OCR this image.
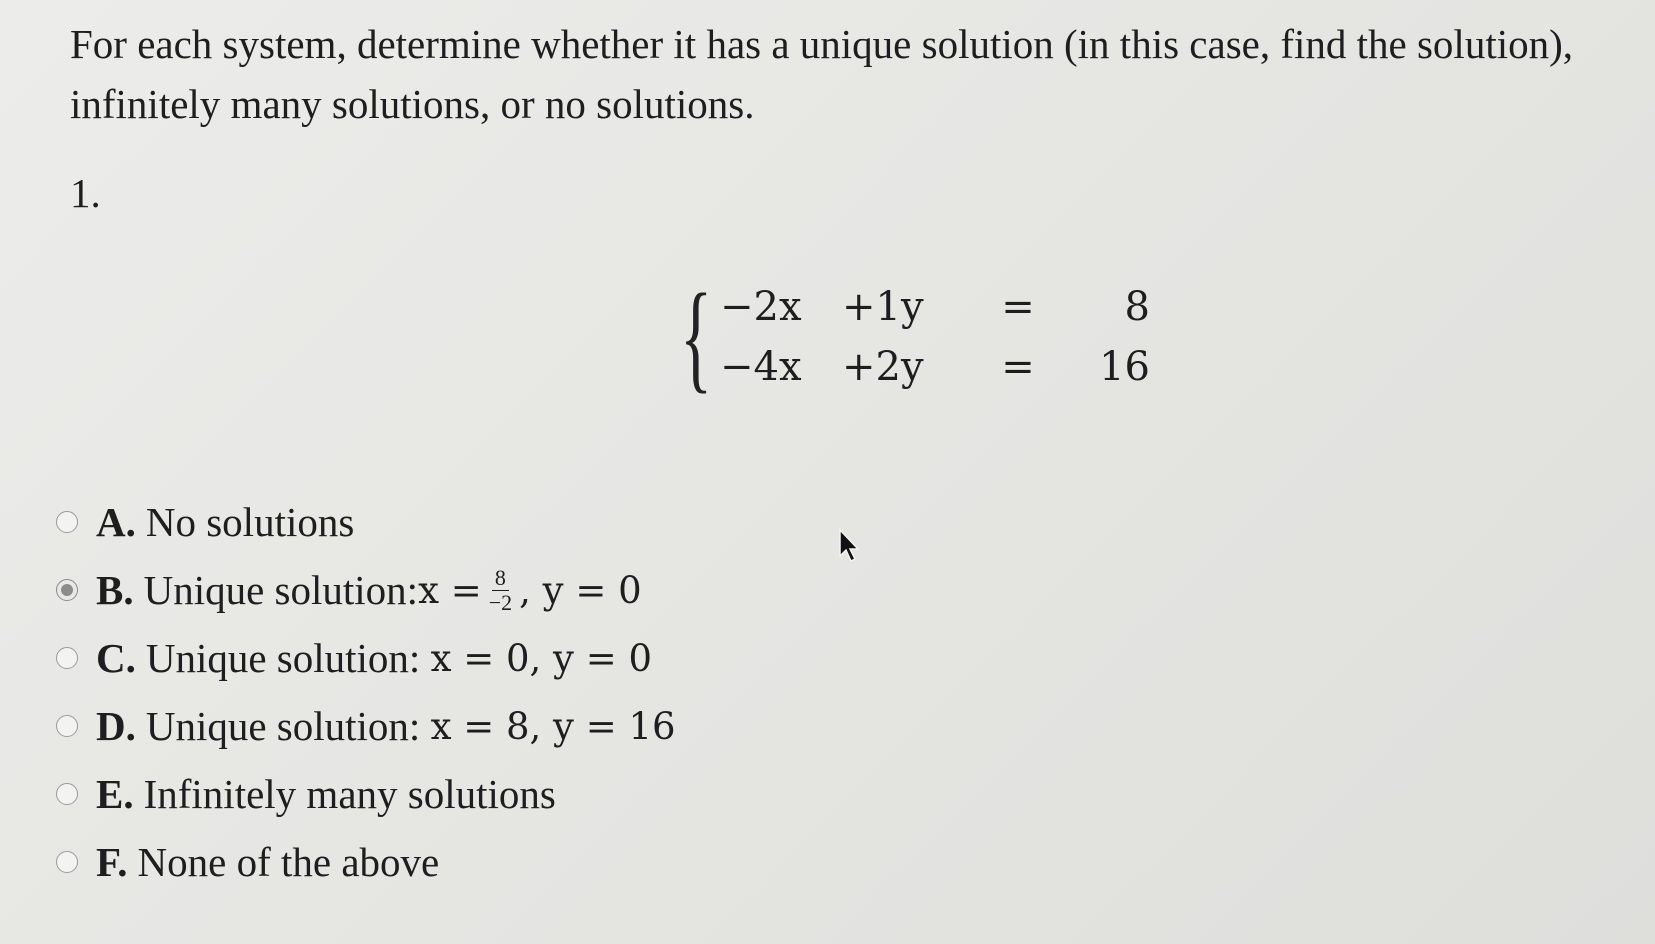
For each system, determine whether it has a unique solution (in this case, find the solution), infinitely many solutions, or no solutions.

1.
{ −2x	+1y	=	8
−4x	+2y	=	16
A. No solutions
B. Unique solution: $x = \frac{8}{-2}$ , y = 0
C. Unique solution:
x = 0, y = 0
D. Unique solution:
x = 8, y = 16
E. Infinitely many solutions
F. None of the above
